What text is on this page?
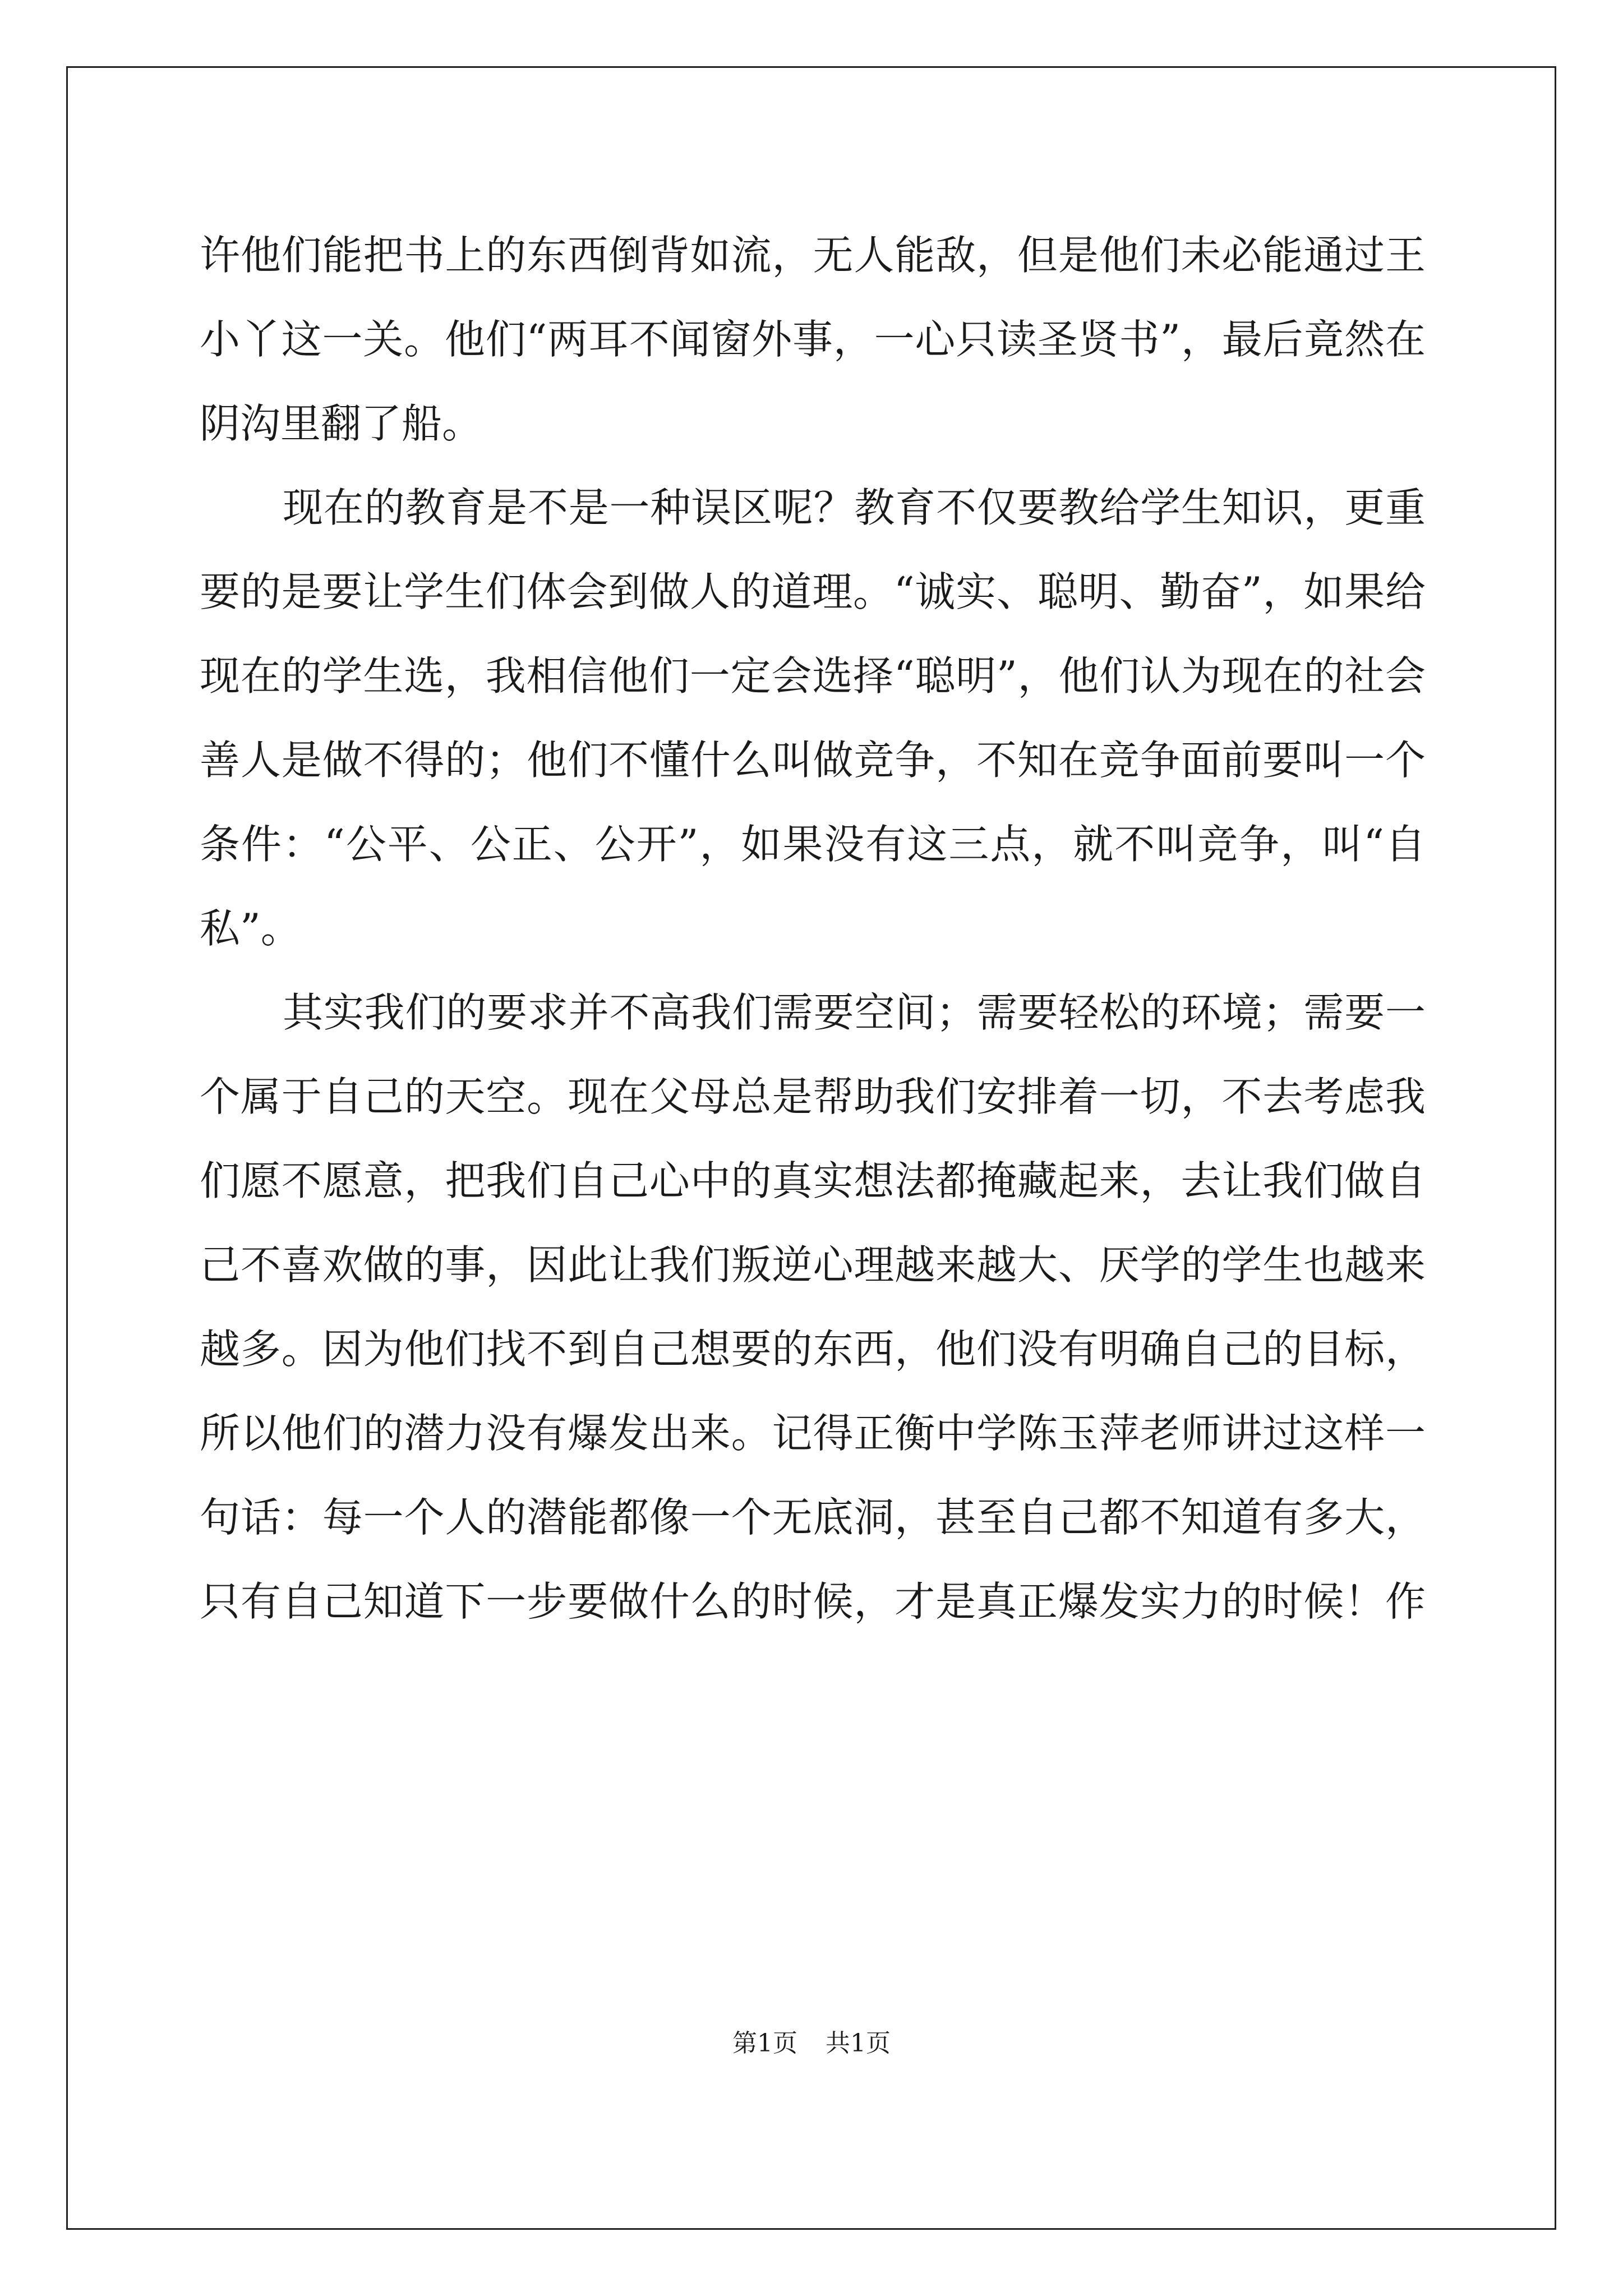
许他们能把书上的东西倒背如流，无人能敌，但是他们未必能通过王
小丫这一关。他们“两耳不闻窗外事，一心只读圣贤书”，最后竟然在
阴沟里翻了船。
现在的教育是不是一种误区呢？教育不仅要教给学生知识，更重
要的是要让学生们体会到做人的道理。“诚实、聪明、勤奋”，如果给
现在的学生选，我相信他们一定会选择“聪明”，他们认为现在的社会
善人是做不得的；他们不懂什么叫做竞争，不知在竞争面前要叫一个
条件：“公平、公正、公开”，如果没有这三点，就不叫竞争，叫“自
私”。
其实我们的要求并不高我们需要空间；需要轻松的环境；需要一
个属于自己的天空。现在父母总是帮助我们安排着一切，不去考虑我
们愿不愿意，把我们自己心中的真实想法都掩藏起来，去让我们做自
己不喜欢做的事，因此让我们叛逆心理越来越大、厌学的学生也越来
越多。因为他们找不到自己想要的东西，他们没有明确自己的目标，
所以他们的潜力没有爆发出来。记得正衡中学陈玉萍老师讲过这样一
句话：每一个人的潜能都像一个无底洞，甚至自己都不知道有多大，
只有自己知道下一步要做什么的时候，才是真正爆发实力的时候！作
第1页 共1页
